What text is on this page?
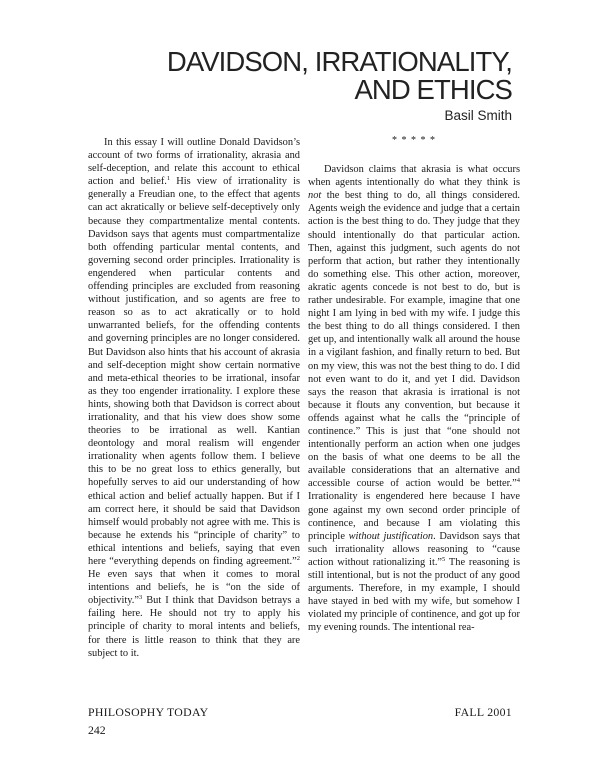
DAVIDSON, IRRATIONALITY,
AND ETHICS
Basil Smith

In this essay I will outline Donald Davidson’s account of two forms of irrationality, akrasia and self-deception, and relate this account to ethical action and belief.$^1$ His view of irrationality is generally a Freudian one, to the effect that agents can act akratically or believe self-deceptively only because they compartmentalize mental contents. Davidson says that agents must compartmentalize both offending particular mental contents, and governing second order principles. Irrationality is engendered when particular contents and offending principles are excluded from reasoning without justification, and so agents are free to reason so as to act akratically or to hold unwarranted beliefs, for the offending contents and governing principles are no longer considered. But Davidson also hints that his account of akrasia and self-deception might show certain normative and meta-ethical theories to be irrational, insofar as they too engender irrationality. I explore these hints, showing both that Davidson is correct about irrationality, and that his view does show some theories to be irrational as well. Kantian deontology and moral realism will engender irrationality when agents follow them. I believe this to be no great loss to ethics generally, but hopefully serves to aid our understanding of how ethical action and belief actually happen. But if I am correct here, it should be said that Davidson himself would probably not agree with me. This is because he extends his “principle of charity” to ethical intentions and beliefs, saying that even here “everything depends on finding agreement.”$^2$ He even says that when it comes to moral intentions and beliefs, he is “on the side of objectivity.”$^3$ But I think that Davidson betrays a failing here. He should not try to apply his principle of charity to moral intents and beliefs, for there is little reason to think that they are subject to it.

* * * * *

Davidson claims that akrasia is what occurs when agents intentionally do what they think is not the best thing to do, all things considered. Agents weigh the evidence and judge that a certain action is the best thing to do. They judge that they should intentionally do that particular action. Then, against this judgment, such agents do not perform that action, but rather they intentionally do something else. This other action, moreover, akratic agents concede is not best to do, but is rather undesirable. For example, imagine that one night I am lying in bed with my wife. I judge this the best thing to do all things considered. I then get up, and intentionally walk all around the house in a vigilant fashion, and finally return to bed. But on my view, this was not the best thing to do. I did not even want to do it, and yet I did. Davidson says the reason that akrasia is irrational is not because it flouts any convention, but because it offends against what he calls the “principle of continence.” This is just that “one should not intentionally perform an action when one judges on the basis of what one deems to be all the available considerations that an alternative and accessible course of action would be better.”$^4$ Irrationality is engendered here because I have gone against my own second order principle of continence, and because I am violating this principle without justification. Davidson says that such irrationality allows reasoning to “cause action without rationalizing it.”$^5$ The reasoning is still intentional, but is not the product of any good arguments. Therefore, in my example, I should have stayed in bed with my wife, but somehow I violated my principle of continence, and got up for my evening rounds. The intentional rea-

PHILOSOPHY TODAY	FALL 2001
242
